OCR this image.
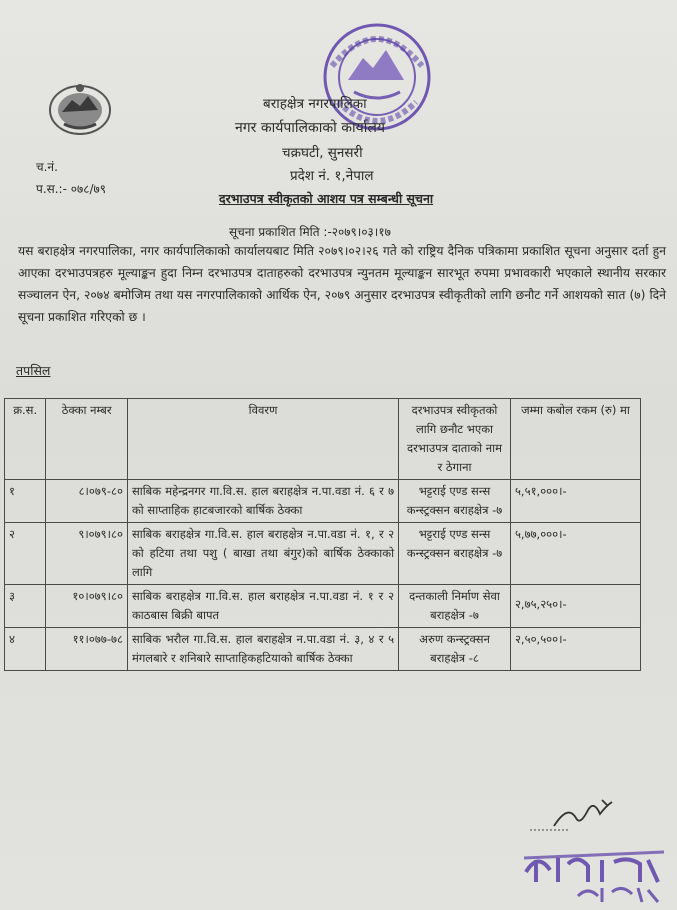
बराहक्षेत्र नगरपालिका
नगर कार्यपालिकाको कार्यालय
चक्रघटी, सुनसरी
प्रदेश नं. १,नेपाल
च.नं.
प.स.:- ०७८/७९
दरभाउपत्र स्वीकृतको आशय पत्र सम्बन्धी सूचना
सूचना प्रकाशित मिति :-२०७९।०३।१७
यस बराहक्षेत्र नगरपालिका, नगर कार्यपालिकाको कार्यालयबाट मिति २०७९।०२।२६ गते को राष्ट्रिय दैनिक पत्रिकामा प्रकाशित सूचना अनुसार दर्ता हुन आएका दरभाउपत्रहरु मूल्याङ्कन हुदा निम्न दरभाउपत्र दाताहरुको दरभाउपत्र न्युनतम मूल्याङ्कन सारभूत रुपमा प्रभावकारी भएकाले स्थानीय सरकार सञ्चालन ऐन, २०७४ बमोजिम तथा यस नगरपालिकाको आर्थिक ऐन, २०७९ अनुसार दरभाउपत्र स्वीकृतीको लागि छनौट गर्ने आशयको सात (७) दिने सूचना प्रकाशित गरिएको छ ।
तपसिल
क्र.स.	ठेक्का नम्बर	विवरण	दरभाउपत्र स्वीकृतको लागि छनौट भएका दरभाउपत्र दाताको नाम र ठेगाना	जम्मा कबोल रकम (रु) मा
१	८।०७९-८०	साबिक महेन्द्रनगर गा.वि.स. हाल बराहक्षेत्र न.पा.वडा नं. ६ र ७ को साप्ताहिक हाटबजारको बार्षिक ठेक्का	भट्टराई एण्ड सन्स कन्स्ट्रक्सन बराहक्षेत्र -७	५,५१,०००।-
२	९।०७९।८०	साबिक बराहक्षेत्र गा.वि.स. हाल बराहक्षेत्र न.पा.वडा नं. १, र २ को हटिया तथा पशु ( बाखा तथा बंगुर)को बार्षिक ठेक्काको लागि	भट्टराई एण्ड सन्स कन्स्ट्रक्सन बराहक्षेत्र -७	५,७७,०००।-
३	१०।०७९।८०	साबिक बराहक्षेत्र गा.वि.स. हाल बराहक्षेत्र न.पा.वडा नं. १ र २ काठबास बिक्री बापत	दन्तकाली निर्माण सेवा बराहक्षेत्र -७	२,७५,२५०।-
४	११।०७७-७८	साबिक भरौल गा.वि.स. हाल बराहक्षेत्र न.पा.वडा नं. ३, ४ र ५ मंगलबारे र शनिबारे साप्ताहिकहटियाको बार्षिक ठेक्का	अरुण कन्स्ट्रक्सन बराहक्षेत्र -८	२,५०,५००।-
